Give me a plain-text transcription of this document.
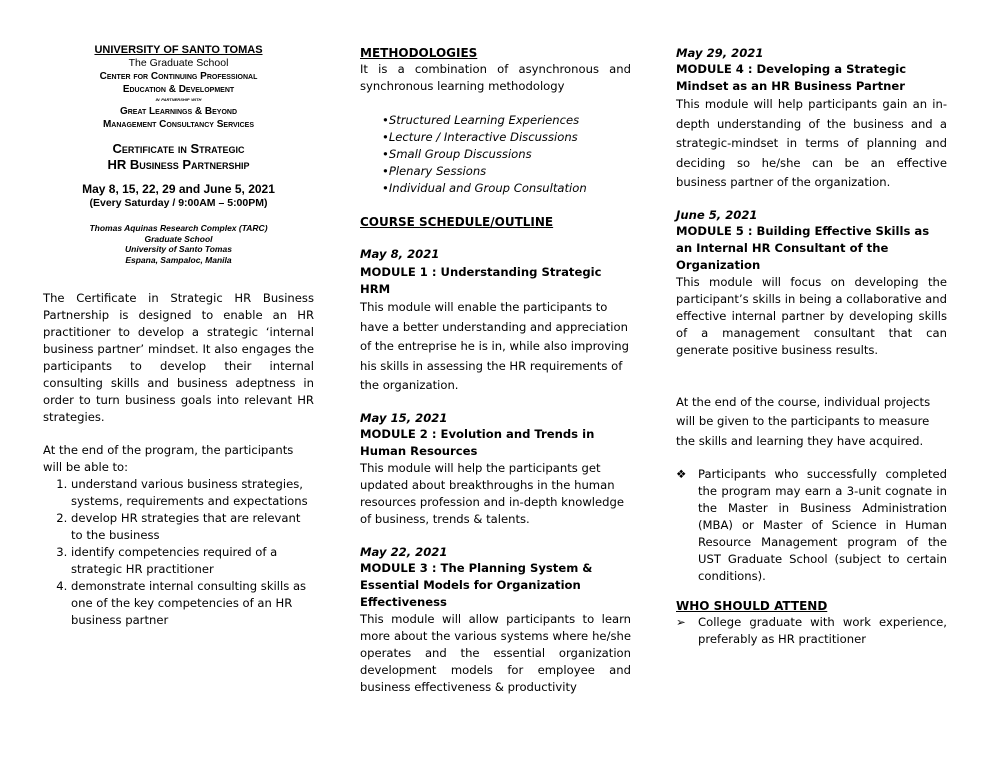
UNIVERSITY OF SANTO TOMAS
The Graduate School
Center for Continuing Professional
Education & Development
in partnership with
Great Learnings & Beyond
Management Consultancy Services
Certificate in Strategic
HR Business Partnership
May 8, 15, 22, 29 and June 5, 2021
(Every Saturday / 9:00AM – 5:00PM)
Thomas Aquinas Research Complex (TARC)
Graduate School
University of Santo Tomas
Espana, Sampaloc, Manila
The Certificate in Strategic HR Business Partnership is designed to enable an HR practitioner to develop a strategic ‘internal business partner’ mindset. It also engages the participants to develop their internal consulting skills and business adeptness in order to turn business goals into relevant HR strategies.
At the end of the program, the participants will be able to:
1. understand various business strategies, systems, requirements and expectations
2. develop HR strategies that are relevant to the business
3. identify competencies required of a strategic HR practitioner
4. demonstrate internal consulting skills as one of the key competencies of an HR business partner
METHODOLOGIES
It is a combination of asynchronous and synchronous learning methodology
•Structured Learning Experiences
•Lecture / Interactive Discussions
•Small Group Discussions
•Plenary Sessions
•Individual and Group Consultation
COURSE SCHEDULE/OUTLINE
May 8, 2021
MODULE 1 : Understanding Strategic HRM
This module will enable the participants to have a better understanding and appreciation of the entreprise he is in, while also improving his skills in assessing the HR requirements of the organization.
May 15, 2021
MODULE 2 : Evolution and Trends in Human Resources
This module will help the participants get updated about breakthroughs in the human resources profession and in-depth knowledge of business, trends & talents.
May 22, 2021
MODULE 3 : The Planning System & Essential Models for Organization Effectiveness
This module will allow participants to learn more about the various systems where he/she operates and the essential organization development models for employee and business effectiveness & productivity
May 29, 2021
MODULE 4 : Developing a Strategic Mindset as an HR Business Partner
This module will help participants gain an in-depth understanding of the business and a strategic-mindset in terms of planning and deciding so he/she can be an effective business partner of the organization.
June 5, 2021
MODULE 5 : Building Effective Skills as an Internal HR Consultant of the Organization
This module will focus on developing the participant’s skills in being a collaborative and effective internal partner by developing skills of a management consultant that can generate positive business results.
At the end of the course, individual projects will be given to the participants to measure the skills and learning they have acquired.
❖ Participants who successfully completed the program may earn a 3-unit cognate in the Master in Business Administration (MBA) or Master of Science in Human Resource Management program of the UST Graduate School (subject to certain conditions).
WHO SHOULD ATTEND
➢	College graduate with work experience, preferably as HR practitioner
